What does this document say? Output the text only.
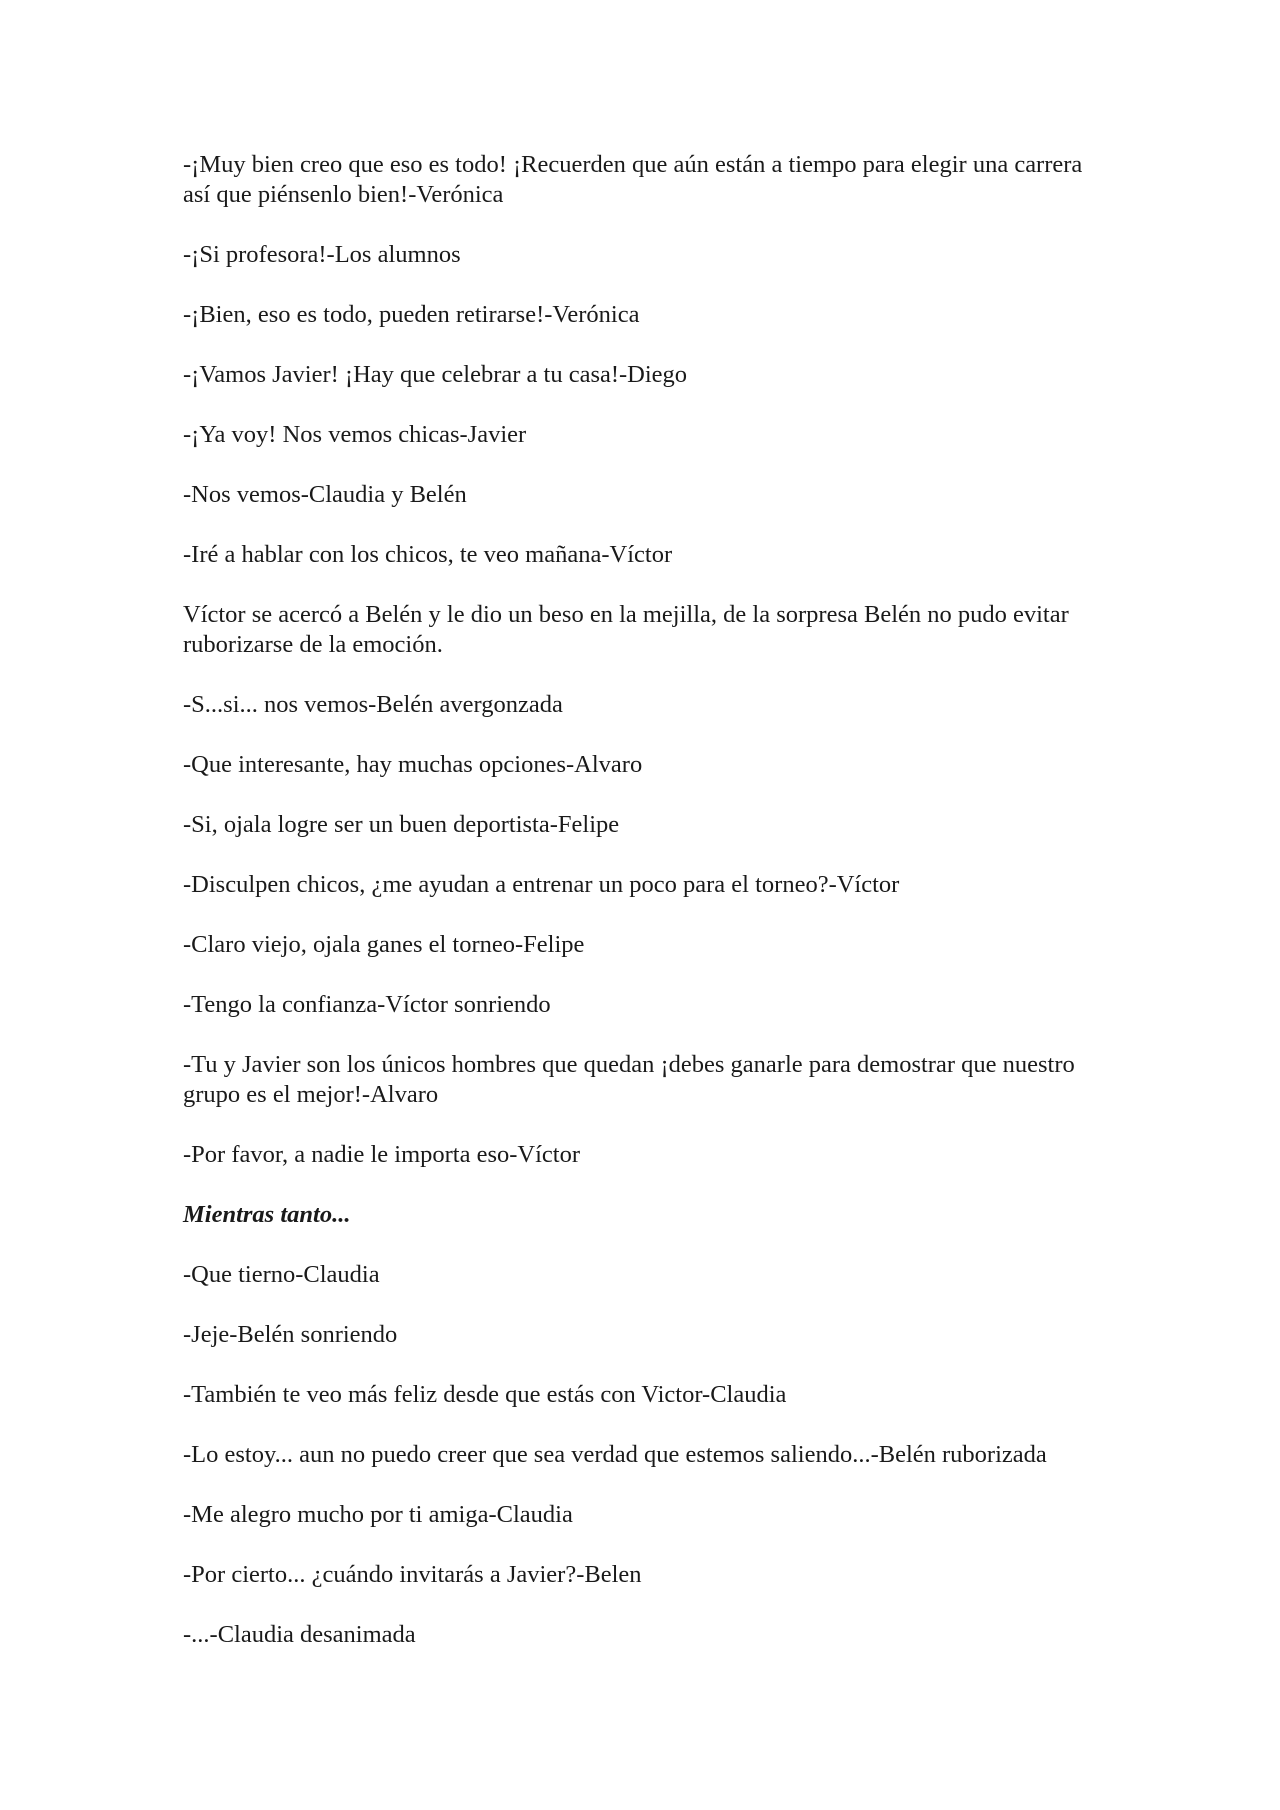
-¡Muy bien creo que eso es todo! ¡Recuerden que aún están a tiempo para elegir una carrera así que piénsenlo bien!-Verónica

-¡Si profesora!-Los alumnos

-¡Bien, eso es todo, pueden retirarse!-Verónica

-¡Vamos Javier! ¡Hay que celebrar a tu casa!-Diego

-¡Ya voy! Nos vemos chicas-Javier

-Nos vemos-Claudia y Belén

-Iré a hablar con los chicos, te veo mañana-Víctor

Víctor se acercó a Belén y le dio un beso en la mejilla, de la sorpresa Belén no pudo evitar ruborizarse de la emoción.

-S...si... nos vemos-Belén avergonzada

-Que interesante, hay muchas opciones-Alvaro

-Si, ojala logre ser un buen deportista-Felipe

-Disculpen chicos, ¿me ayudan a entrenar un poco para el torneo?-Víctor

-Claro viejo, ojala ganes el torneo-Felipe

-Tengo la confianza-Víctor sonriendo

-Tu y Javier son los únicos hombres que quedan ¡debes ganarle para demostrar que nuestro grupo es el mejor!-Alvaro

-Por favor, a nadie le importa eso-Víctor

Mientras tanto...

-Que tierno-Claudia

-Jeje-Belén sonriendo

-También te veo más feliz desde que estás con Victor-Claudia

-Lo estoy... aun no puedo creer que sea verdad que estemos saliendo...-Belén ruborizada

-Me alegro mucho por ti amiga-Claudia

-Por cierto... ¿cuándo invitarás a Javier?-Belen

-...-Claudia desanimada
